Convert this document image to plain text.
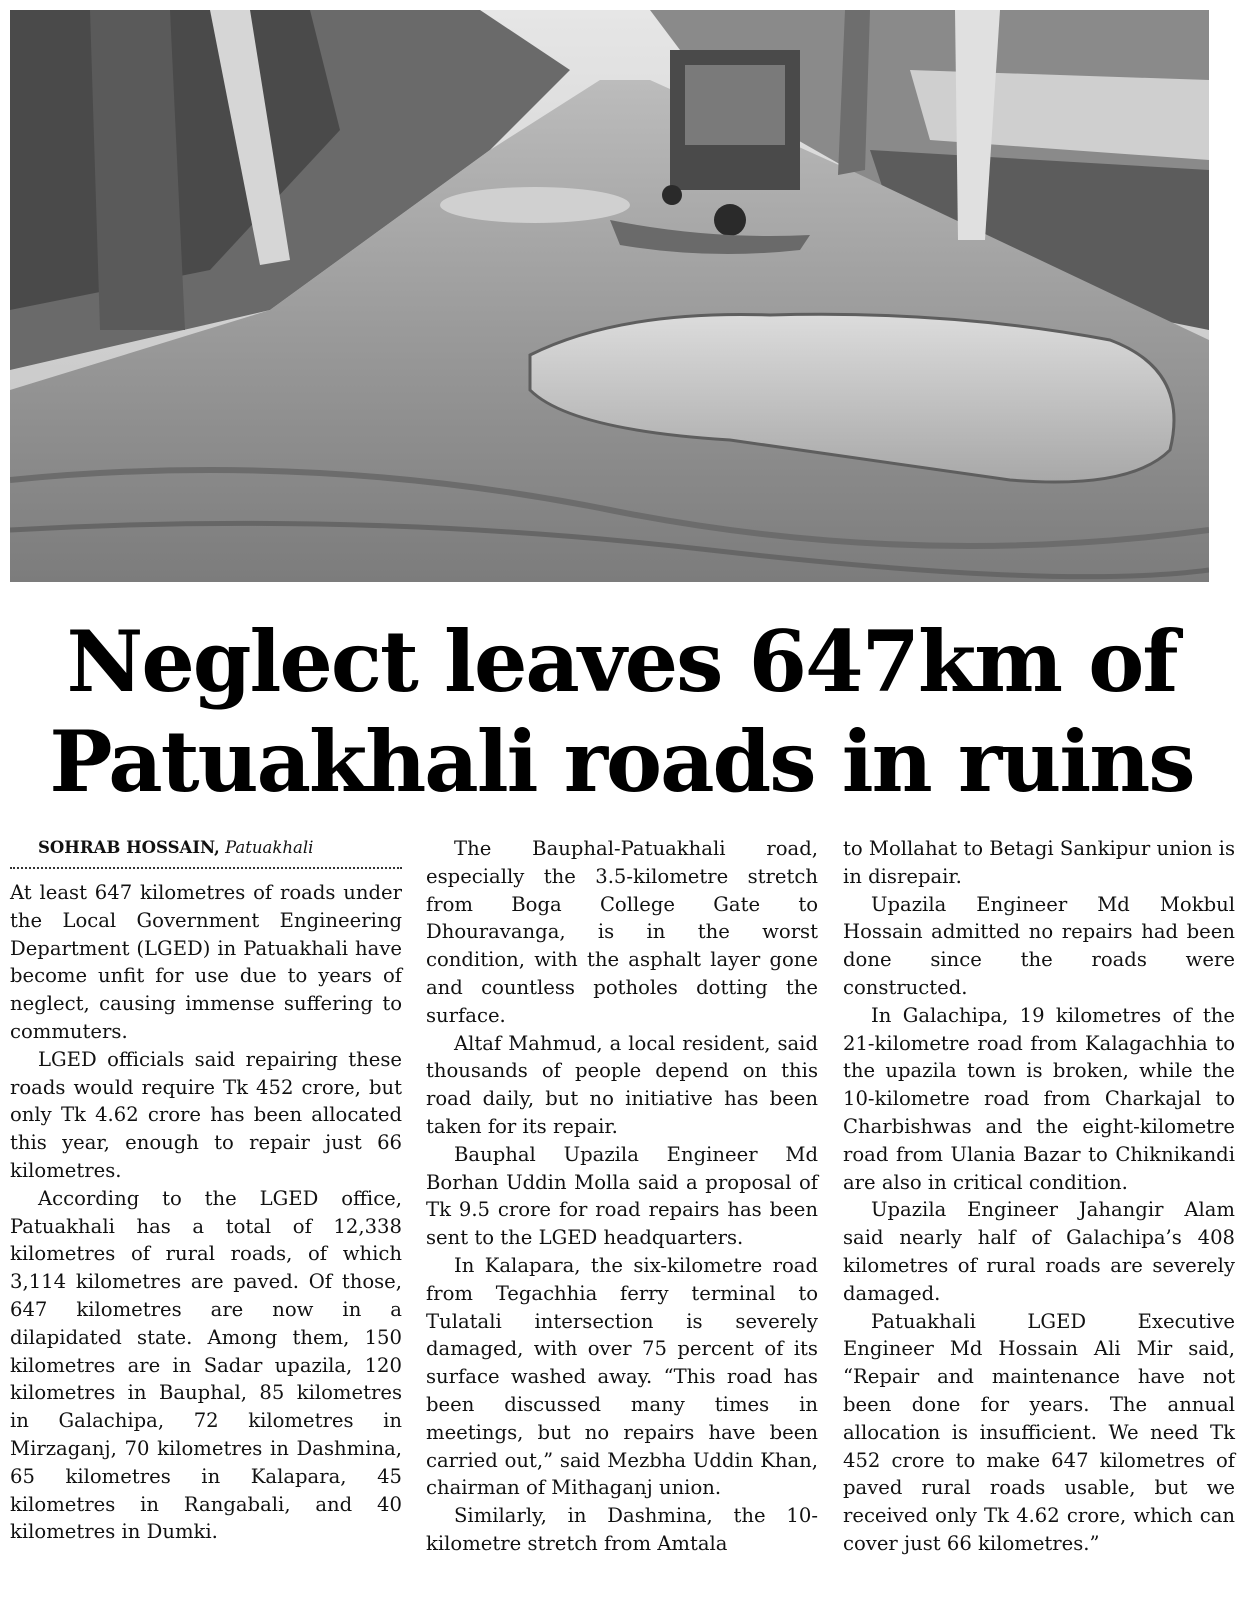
Neglect leaves 647km of
Patuakhali roads in ruins

SOHRAB HOSSAIN, Patuakhali

At least 647 kilometres of roads under the Local Government Engineering Department (LGED) in Patuakhali have become unfit for use due to years of neglect, causing immense suffering to commuters.

LGED officials said repairing these roads would require Tk 452 crore, but only Tk 4.62 crore has been allocated this year, enough to repair just 66 kilometres.

According to the LGED office, Patuakhali has a total of 12,338 kilometres of rural roads, of which 3,114 kilometres are paved. Of those, 647 kilometres are now in a dilapidated state. Among them, 150 kilometres are in Sadar upazila, 120 kilometres in Bauphal, 85 kilometres in Galachipa, 72 kilometres in Mirzaganj, 70 kilometres in Dashmina, 65 kilometres in Kalapara, 45 kilometres in Rangabali, and 40 kilometres in Dumki.

The Bauphal-Patuakhali road, especially the 3.5-kilometre stretch from Boga College Gate to Dhouravanga, is in the worst condition, with the asphalt layer gone and countless potholes dotting the surface.

Altaf Mahmud, a local resident, said thousands of people depend on this road daily, but no initiative has been taken for its repair.

Bauphal Upazila Engineer Md Borhan Uddin Molla said a proposal of Tk 9.5 crore for road repairs has been sent to the LGED headquarters.

In Kalapara, the six-kilometre road from Tegachhia ferry terminal to Tulatali intersection is severely damaged, with over 75 percent of its surface washed away. “This road has been discussed many times in meetings, but no repairs have been carried out,” said Mezbha Uddin Khan, chairman of Mithaganj union.

Similarly, in Dashmina, the 10-kilometre stretch from Amtala

to Mollahat to Betagi Sankipur union is in disrepair.

Upazila Engineer Md Mokbul Hossain admitted no repairs had been done since the roads were constructed.

In Galachipa, 19 kilometres of the 21-kilometre road from Kalagachhia to the upazila town is broken, while the 10-kilometre road from Charkajal to Charbishwas and the eight-kilometre road from Ulania Bazar to Chiknikandi are also in critical condition.

Upazila Engineer Jahangir Alam said nearly half of Galachipa’s 408 kilometres of rural roads are severely damaged.

Patuakhali LGED Executive Engineer Md Hossain Ali Mir said, “Repair and maintenance have not been done for years. The annual allocation is insufficient. We need Tk 452 crore to make 647 kilometres of paved rural roads usable, but we received only Tk 4.62 crore, which can cover just 66 kilometres.”
